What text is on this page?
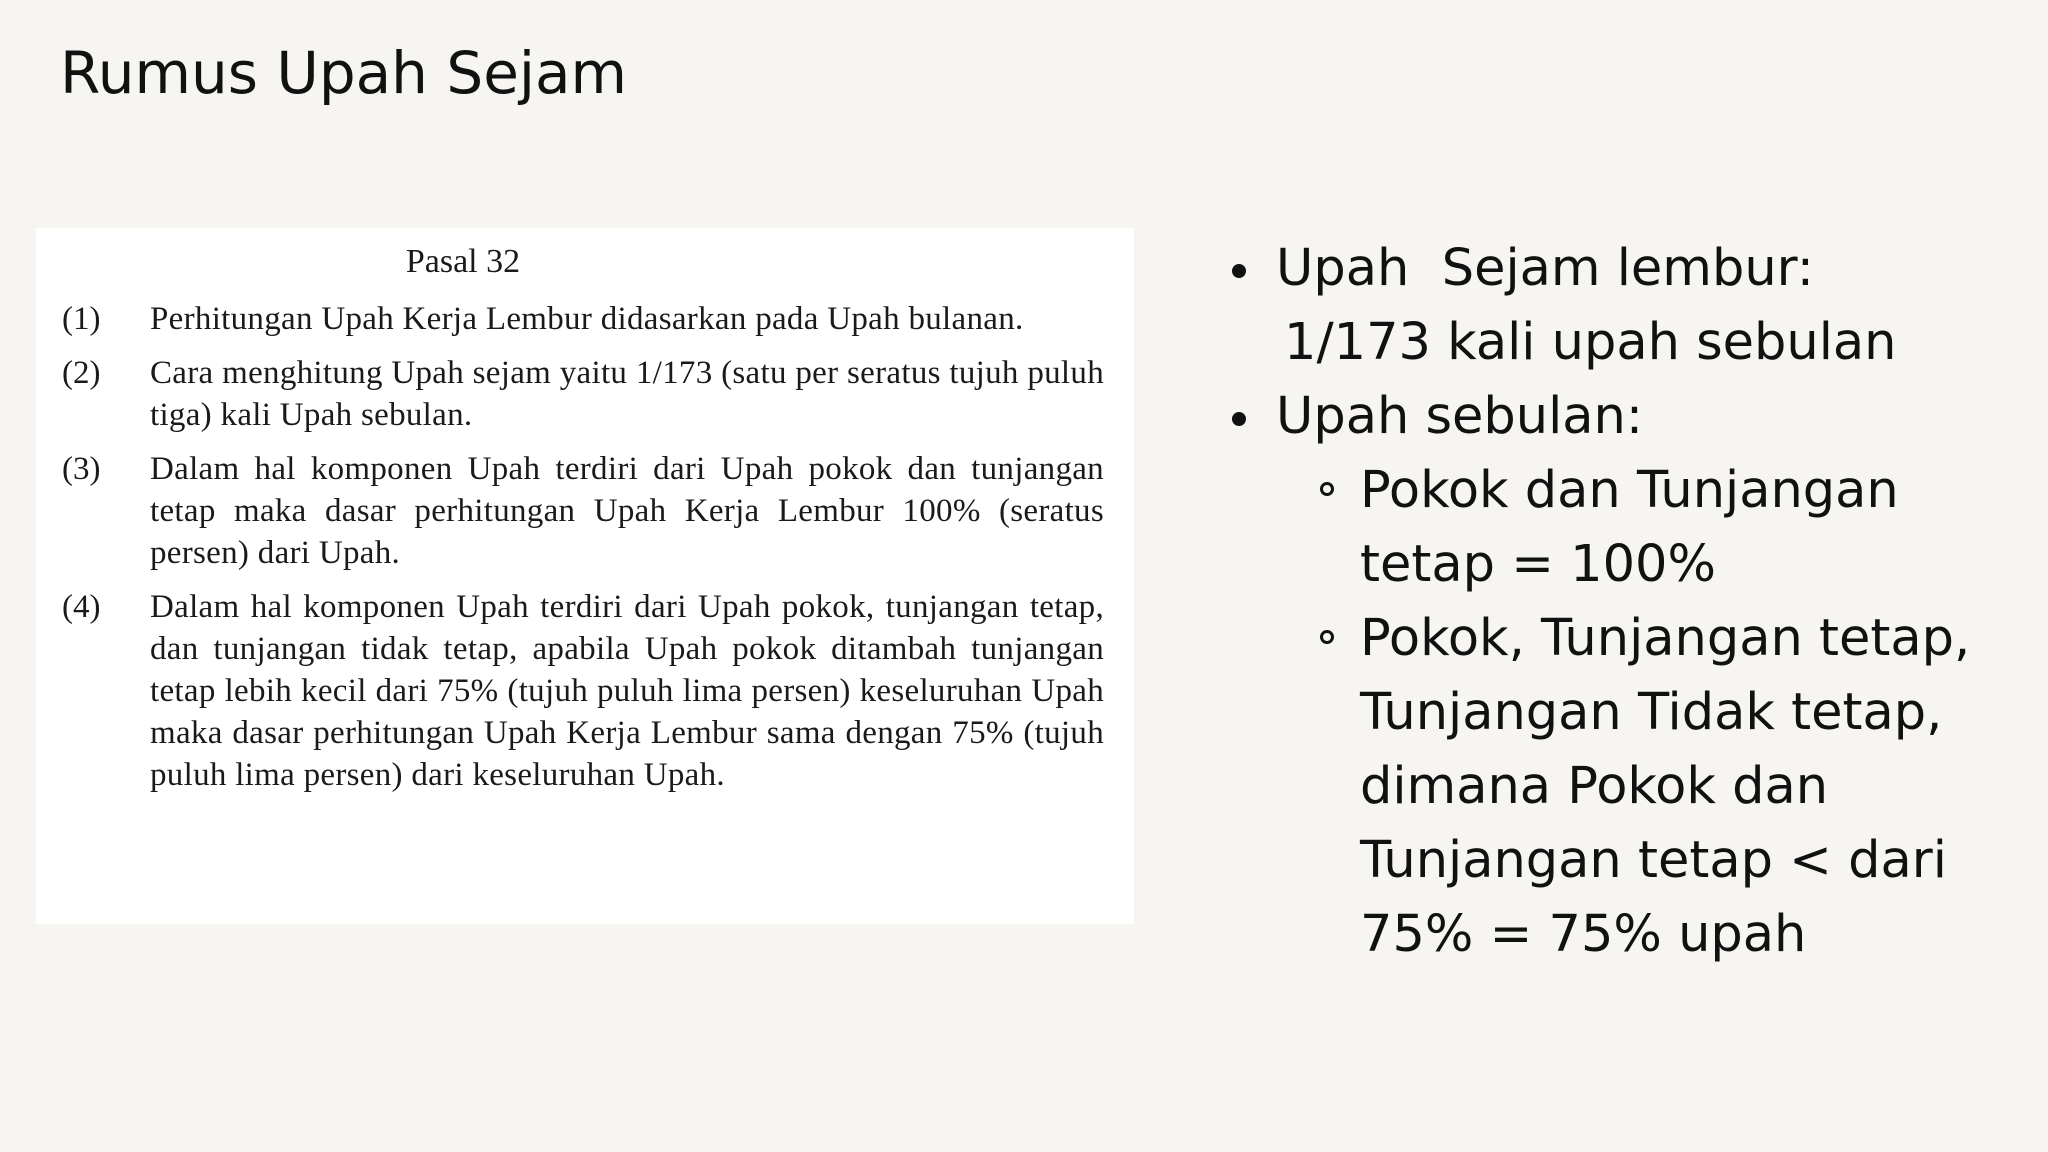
Rumus Upah Sejam
Pasal 32
(1)	Perhitungan Upah Kerja Lembur didasarkan pada Upah bulanan.
(2)	Cara menghitung Upah sejam yaitu 1/173 (satu per seratus tujuh puluh tiga) kali Upah sebulan.
(3)	Dalam hal komponen Upah terdiri dari Upah pokok dan tunjangan tetap maka dasar perhitungan Upah Kerja Lembur 100% (seratus persen) dari Upah.
(4)	Dalam hal komponen Upah terdiri dari Upah pokok, tunjangan tetap, dan tunjangan tidak tetap, apabila Upah pokok ditambah tunjangan tetap lebih kecil dari 75% (tujuh puluh lima persen) keseluruhan Upah maka dasar perhitungan Upah Kerja Lembur sama dengan 75% (tujuh puluh lima persen) dari keseluruhan Upah.
Upah  Sejam lembur:
1/173 kali upah sebulan
Upah sebulan:
Pokok dan Tunjangan tetap = 100%
Pokok, Tunjangan tetap, Tunjangan Tidak tetap, dimana Pokok dan Tunjangan tetap < dari 75% = 75% upah
